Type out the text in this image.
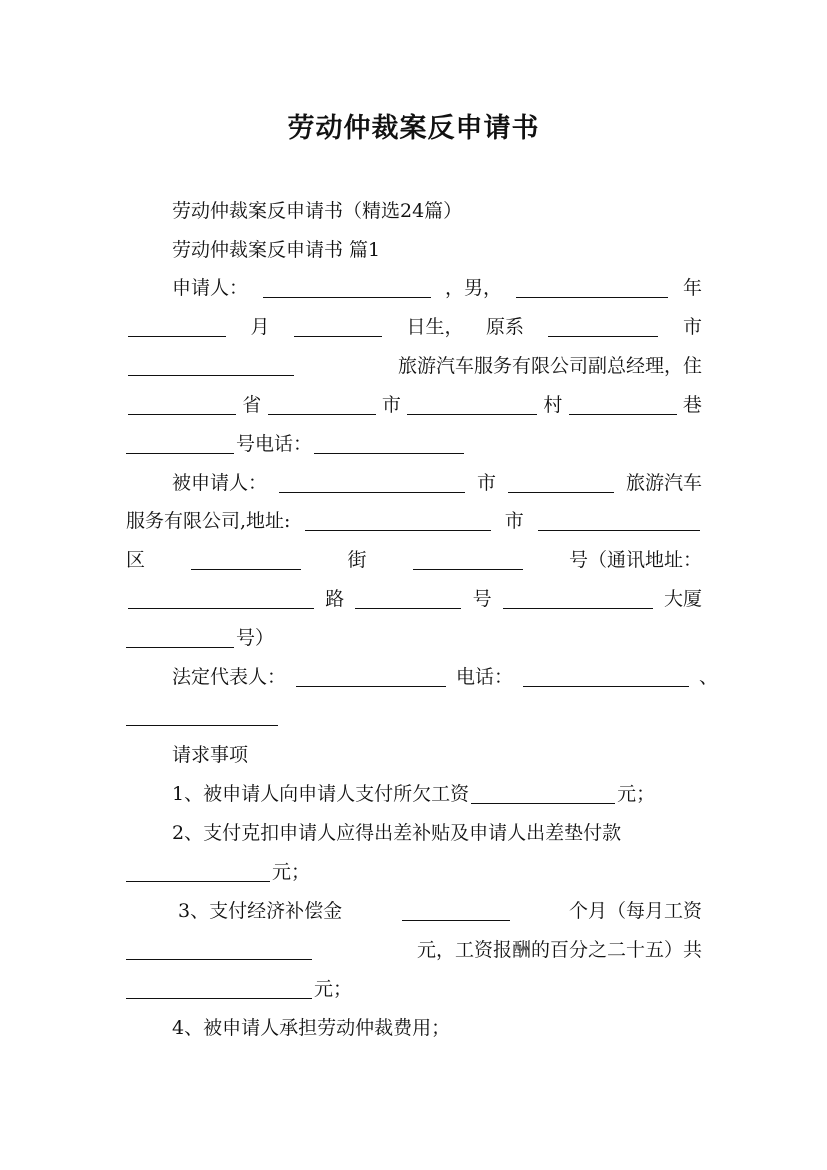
劳动仲裁案反申请书
劳动仲裁案反申请书（精选24篇）
劳动仲裁案反申请书 篇1
申请人：	，男，	年
月	日生， 原系	市
旅游汽车服务有限公司副总经理，住
省	市	村	巷
号电话：
被申请人：	市	旅游汽车
服务有限公司,地址:	市
区	街	号（通讯地址：
路	号	大厦
号）
法定代表人：	电话：	、
请求事项
1、被申请人向申请人支付所欠工资	元；
2、支付克扣申请人应得出差补贴及申请人出差垫付款
元；
3、支付经济补偿金	个月（每月工资
元，工资报酬的百分之二十五）共
元；
4、被申请人承担劳动仲裁费用；
